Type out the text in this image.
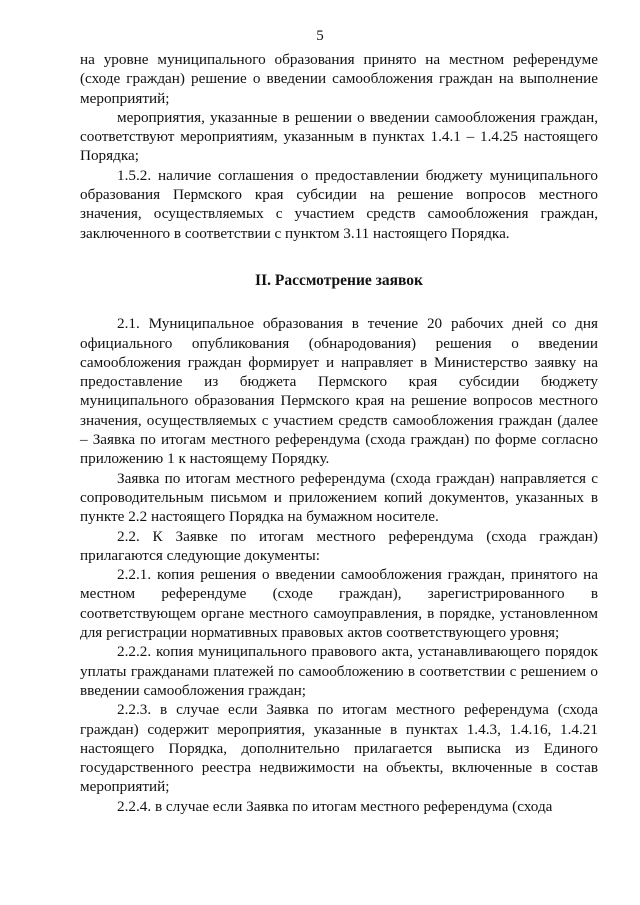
5

на уровне муниципального образования принято на местном референдуме (сходе граждан) решение о введении самообложения граждан на выполнение мероприятий;

мероприятия, указанные в решении о введении самообложения граждан, соответствуют мероприятиям, указанным в пунктах 1.4.1 – 1.4.25 настоящего Порядка;

1.5.2. наличие соглашения о предоставлении бюджету муниципального образования Пермского края субсидии на решение вопросов местного значения, осуществляемых с участием средств самообложения граждан, заключенного в соответствии с пунктом 3.11 настоящего Порядка.

II. Рассмотрение заявок

2.1. Муниципальное образования в течение 20 рабочих дней со дня официального опубликования (обнародования) решения о введении самообложения граждан формирует и направляет в Министерство заявку на предоставление из бюджета Пермского края субсидии бюджету муниципального образования Пермского края на решение вопросов местного значения, осуществляемых с участием средств самообложения граждан (далее – Заявка по итогам местного референдума (схода граждан) по форме согласно приложению 1 к настоящему Порядку.

Заявка по итогам местного референдума (схода граждан) направляется с сопроводительным письмом и приложением копий документов, указанных в пункте 2.2 настоящего Порядка на бумажном носителе.

2.2. К Заявке по итогам местного референдума (схода граждан) прилагаются следующие документы:

2.2.1. копия решения о введении самообложения граждан, принятого на местном референдуме (сходе граждан), зарегистрированного в соответствующем органе местного самоуправления, в порядке, установленном для регистрации нормативных правовых актов соответствующего уровня;

2.2.2. копия муниципального правового акта, устанавливающего порядок уплаты гражданами платежей по самообложению в соответствии с решением о введении самообложения граждан;

2.2.3. в случае если Заявка по итогам местного референдума (схода граждан) содержит мероприятия, указанные в пунктах 1.4.3, 1.4.16, 1.4.21 настоящего Порядка, дополнительно прилагается выписка из Единого государственного реестра недвижимости на объекты, включенные в состав мероприятий;

2.2.4. в случае если Заявка по итогам местного референдума (схода
